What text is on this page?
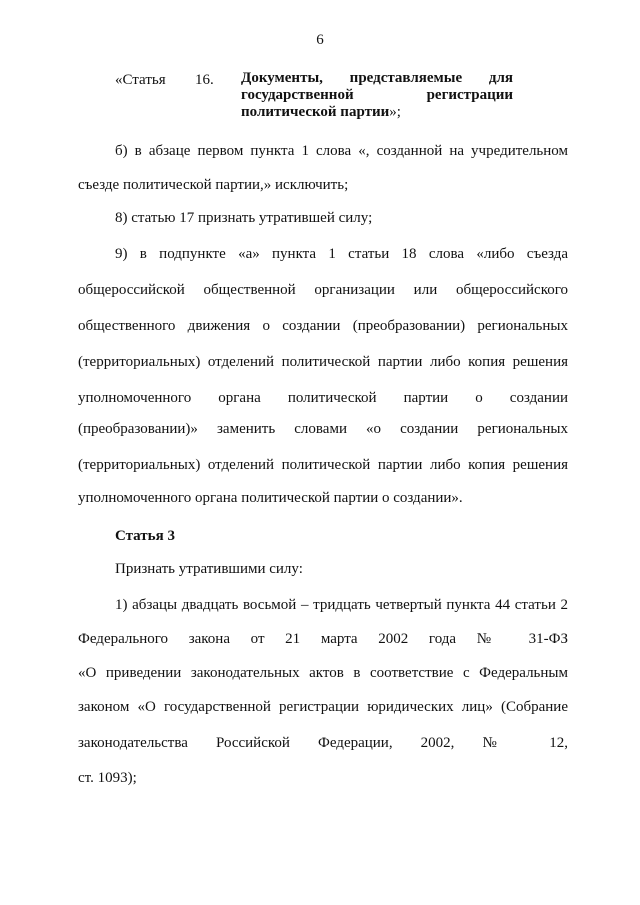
6
«Статья 16. Документы, представляемые для
государственной регистрации
политической партии»;
б) в абзаце первом пункта 1 слова «, созданной на учредительном
съезде политической партии,» исключить;
8) статью 17 признать утратившей силу;
9) в подпункте «а» пункта 1 статьи 18 слова «либо съезда
общероссийской общественной организации или общероссийского
общественного движения о создании (преобразовании) региональных
(территориальных) отделений политической партии либо копия решения
уполномоченного органа политической партии о создании
(преобразовании)» заменить словами «о создании региональных
(территориальных) отделений политической партии либо копия решения
уполномоченного органа политической партии о создании».
Статья 3
Признать утратившими силу:
1) абзацы двадцать восьмой – тридцать четвертый пункта 44 статьи 2
Федерального закона от 21 марта 2002 года № 31-ФЗ
«О приведении законодательных актов в соответствие с Федеральным
законом «О государственной регистрации юридических лиц» (Собрание
законодательства Российской Федерации, 2002, № 12,
ст. 1093);
